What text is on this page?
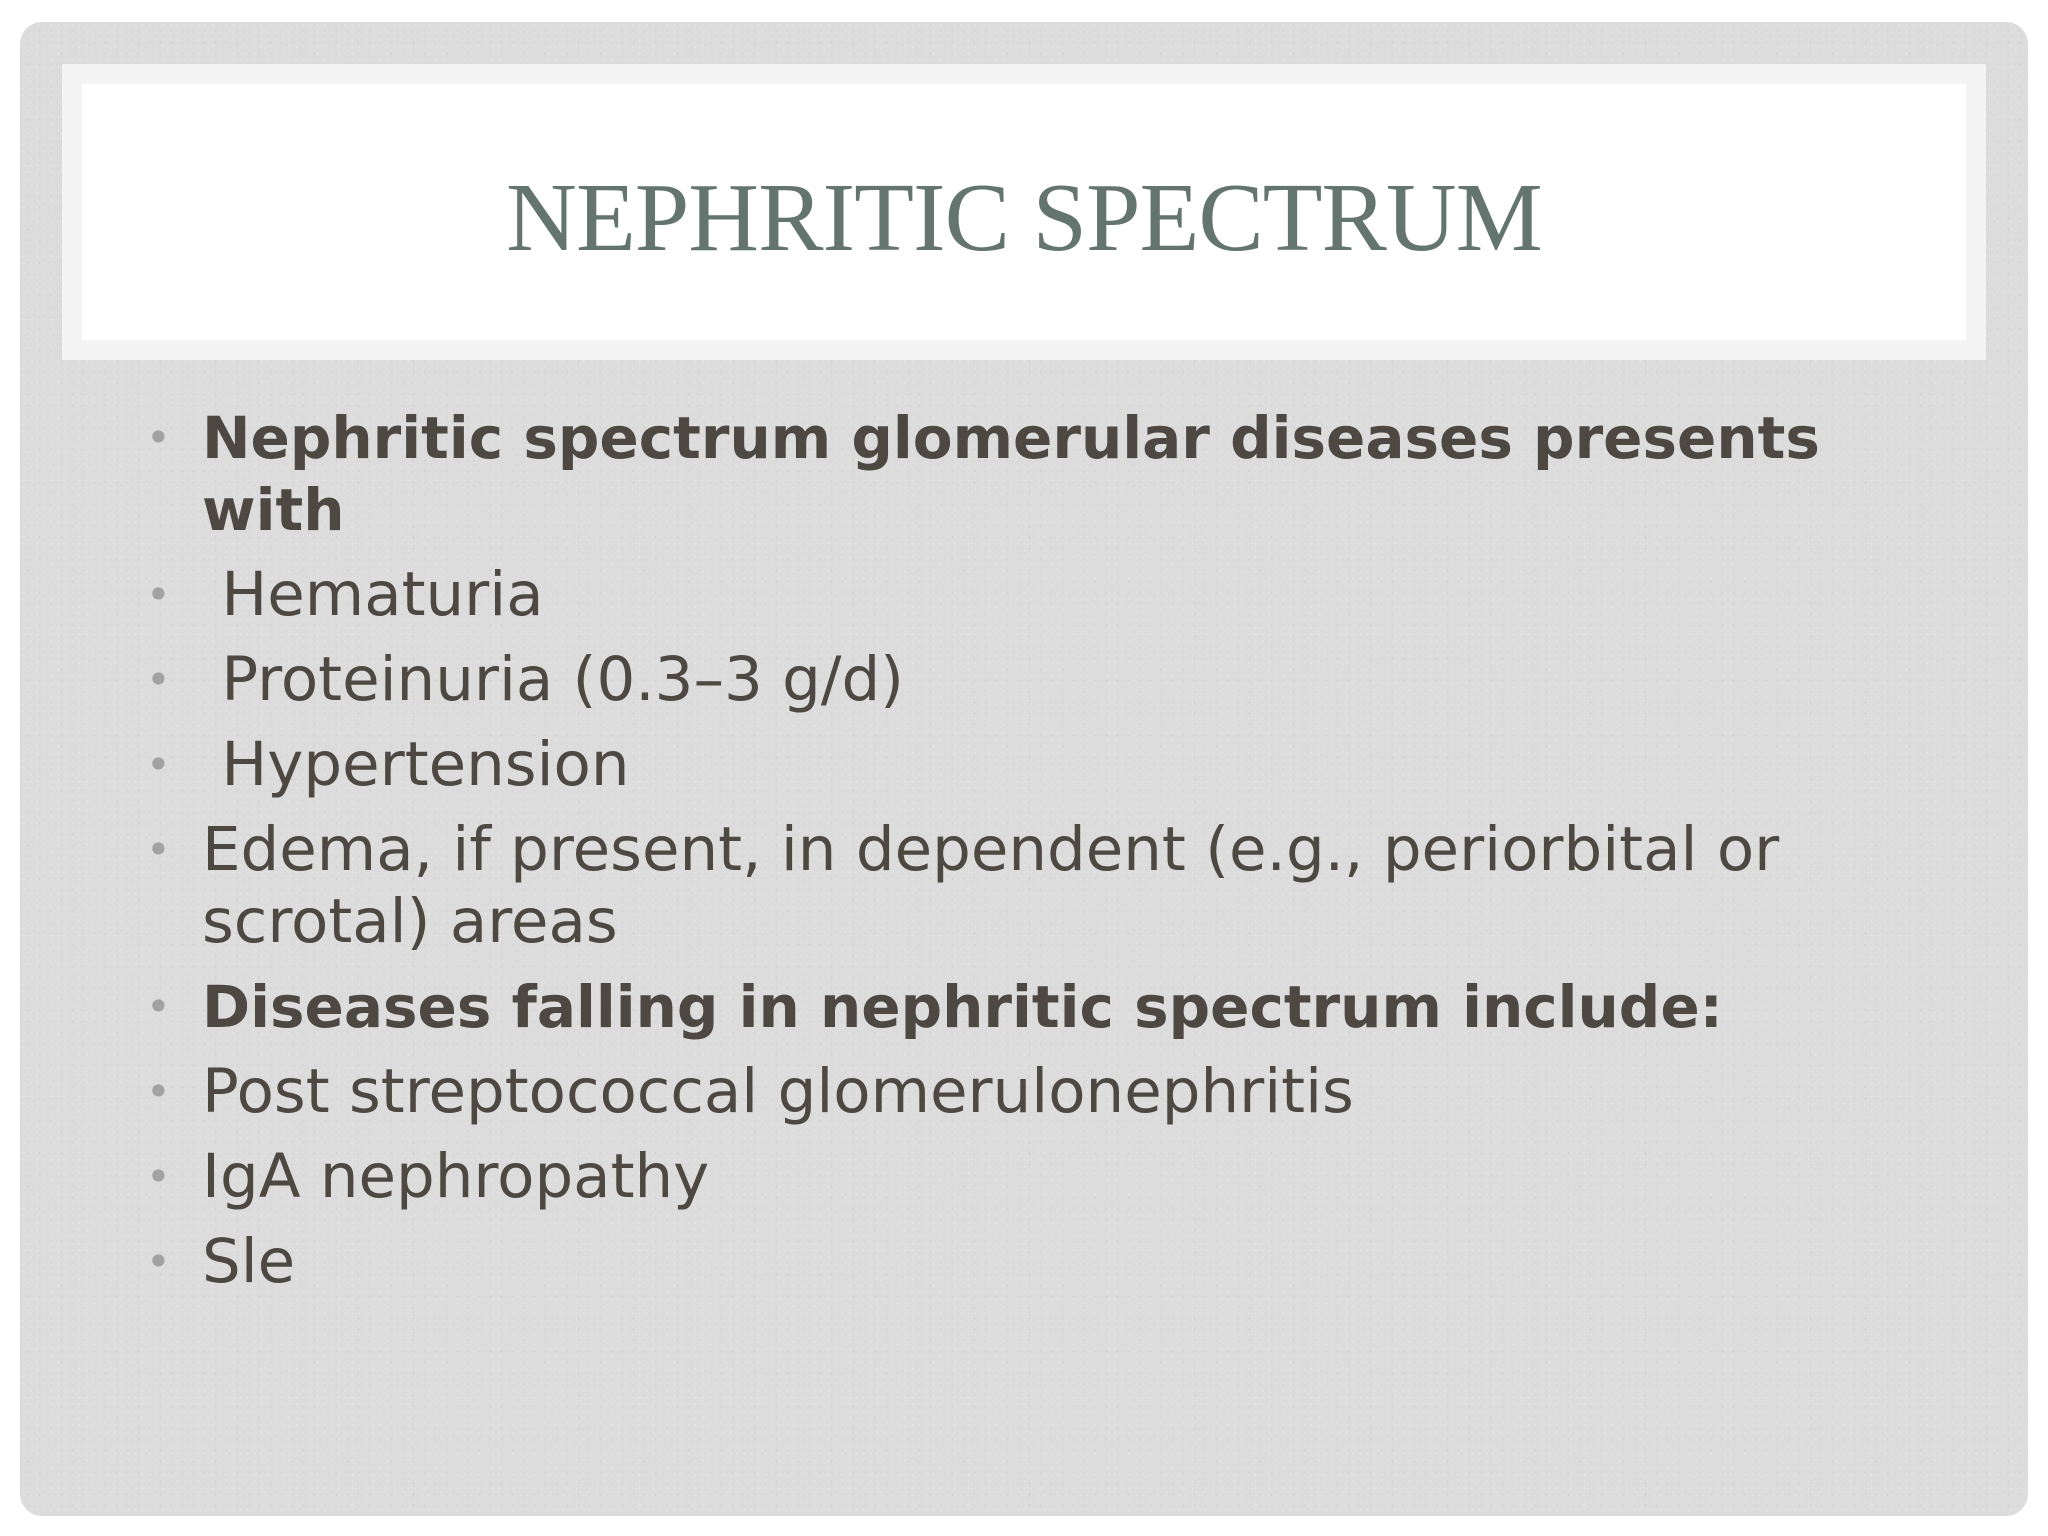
NEPHRITIC SPECTRUM
• Nephritic spectrum glomerular diseases presents with
• Hematuria
• Proteinuria (0.3–3 g/d)
• Hypertension
• Edema, if present, in dependent (e.g., periorbital or scrotal) areas
• Diseases falling in nephritic spectrum include:
• Post streptococcal glomerulonephritis
• IgA nephropathy
• Sle
